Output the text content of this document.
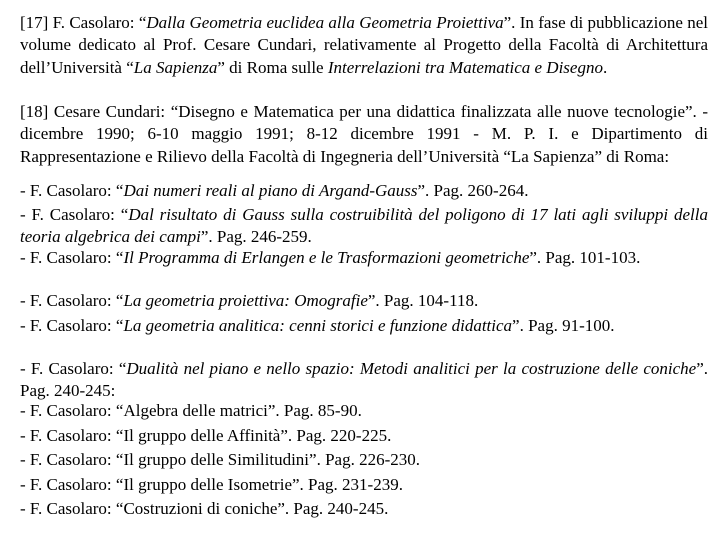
[17] F. Casolaro: “Dalla Geometria euclidea alla Geometria Proiettiva”. In fase di pubblicazione nel volume dedicato al Prof. Cesare Cundari, relativamente al Progetto della Facoltà di Architettura dell’Università “La Sapienza” di Roma sulle Interrelazioni tra Matematica e Disegno.

[18] Cesare Cundari: “Disegno e Matematica per una didattica finalizzata alle nuove tecnologie”. - dicembre 1990; 6-10 maggio 1991; 8-12 dicembre 1991 - M. P. I. e Dipartimento di Rappresentazione e Rilievo della Facoltà di Ingegneria dell’Università “La Sapienza” di Roma:

- F. Casolaro: “Dai numeri reali al piano di Argand-Gauss”. Pag. 260-264.

- F. Casolaro: “Dal risultato di Gauss sulla costruibilità del poligono di 17 lati agli sviluppi della teoria algebrica dei campi”. Pag. 246-259.

- F. Casolaro: “Il Programma di Erlangen e le Trasformazioni geometriche”. Pag. 101-103.

- F. Casolaro: “La geometria proiettiva: Omografie”. Pag. 104-118.

- F. Casolaro: “La geometria analitica: cenni storici e funzione didattica”. Pag. 91-100.

- F. Casolaro: “Dualità nel piano e nello spazio: Metodi analitici per la costruzione delle coniche”. Pag. 240-245:

- F. Casolaro: “Algebra delle matrici”. Pag. 85-90.

- F. Casolaro: “Il gruppo delle Affinità”. Pag. 220-225.

- F. Casolaro: “Il gruppo delle Similitudini”. Pag. 226-230.

- F. Casolaro: “Il gruppo delle Isometrie”. Pag. 231-239.

- F. Casolaro: “Costruzioni di coniche”. Pag. 240-245.
